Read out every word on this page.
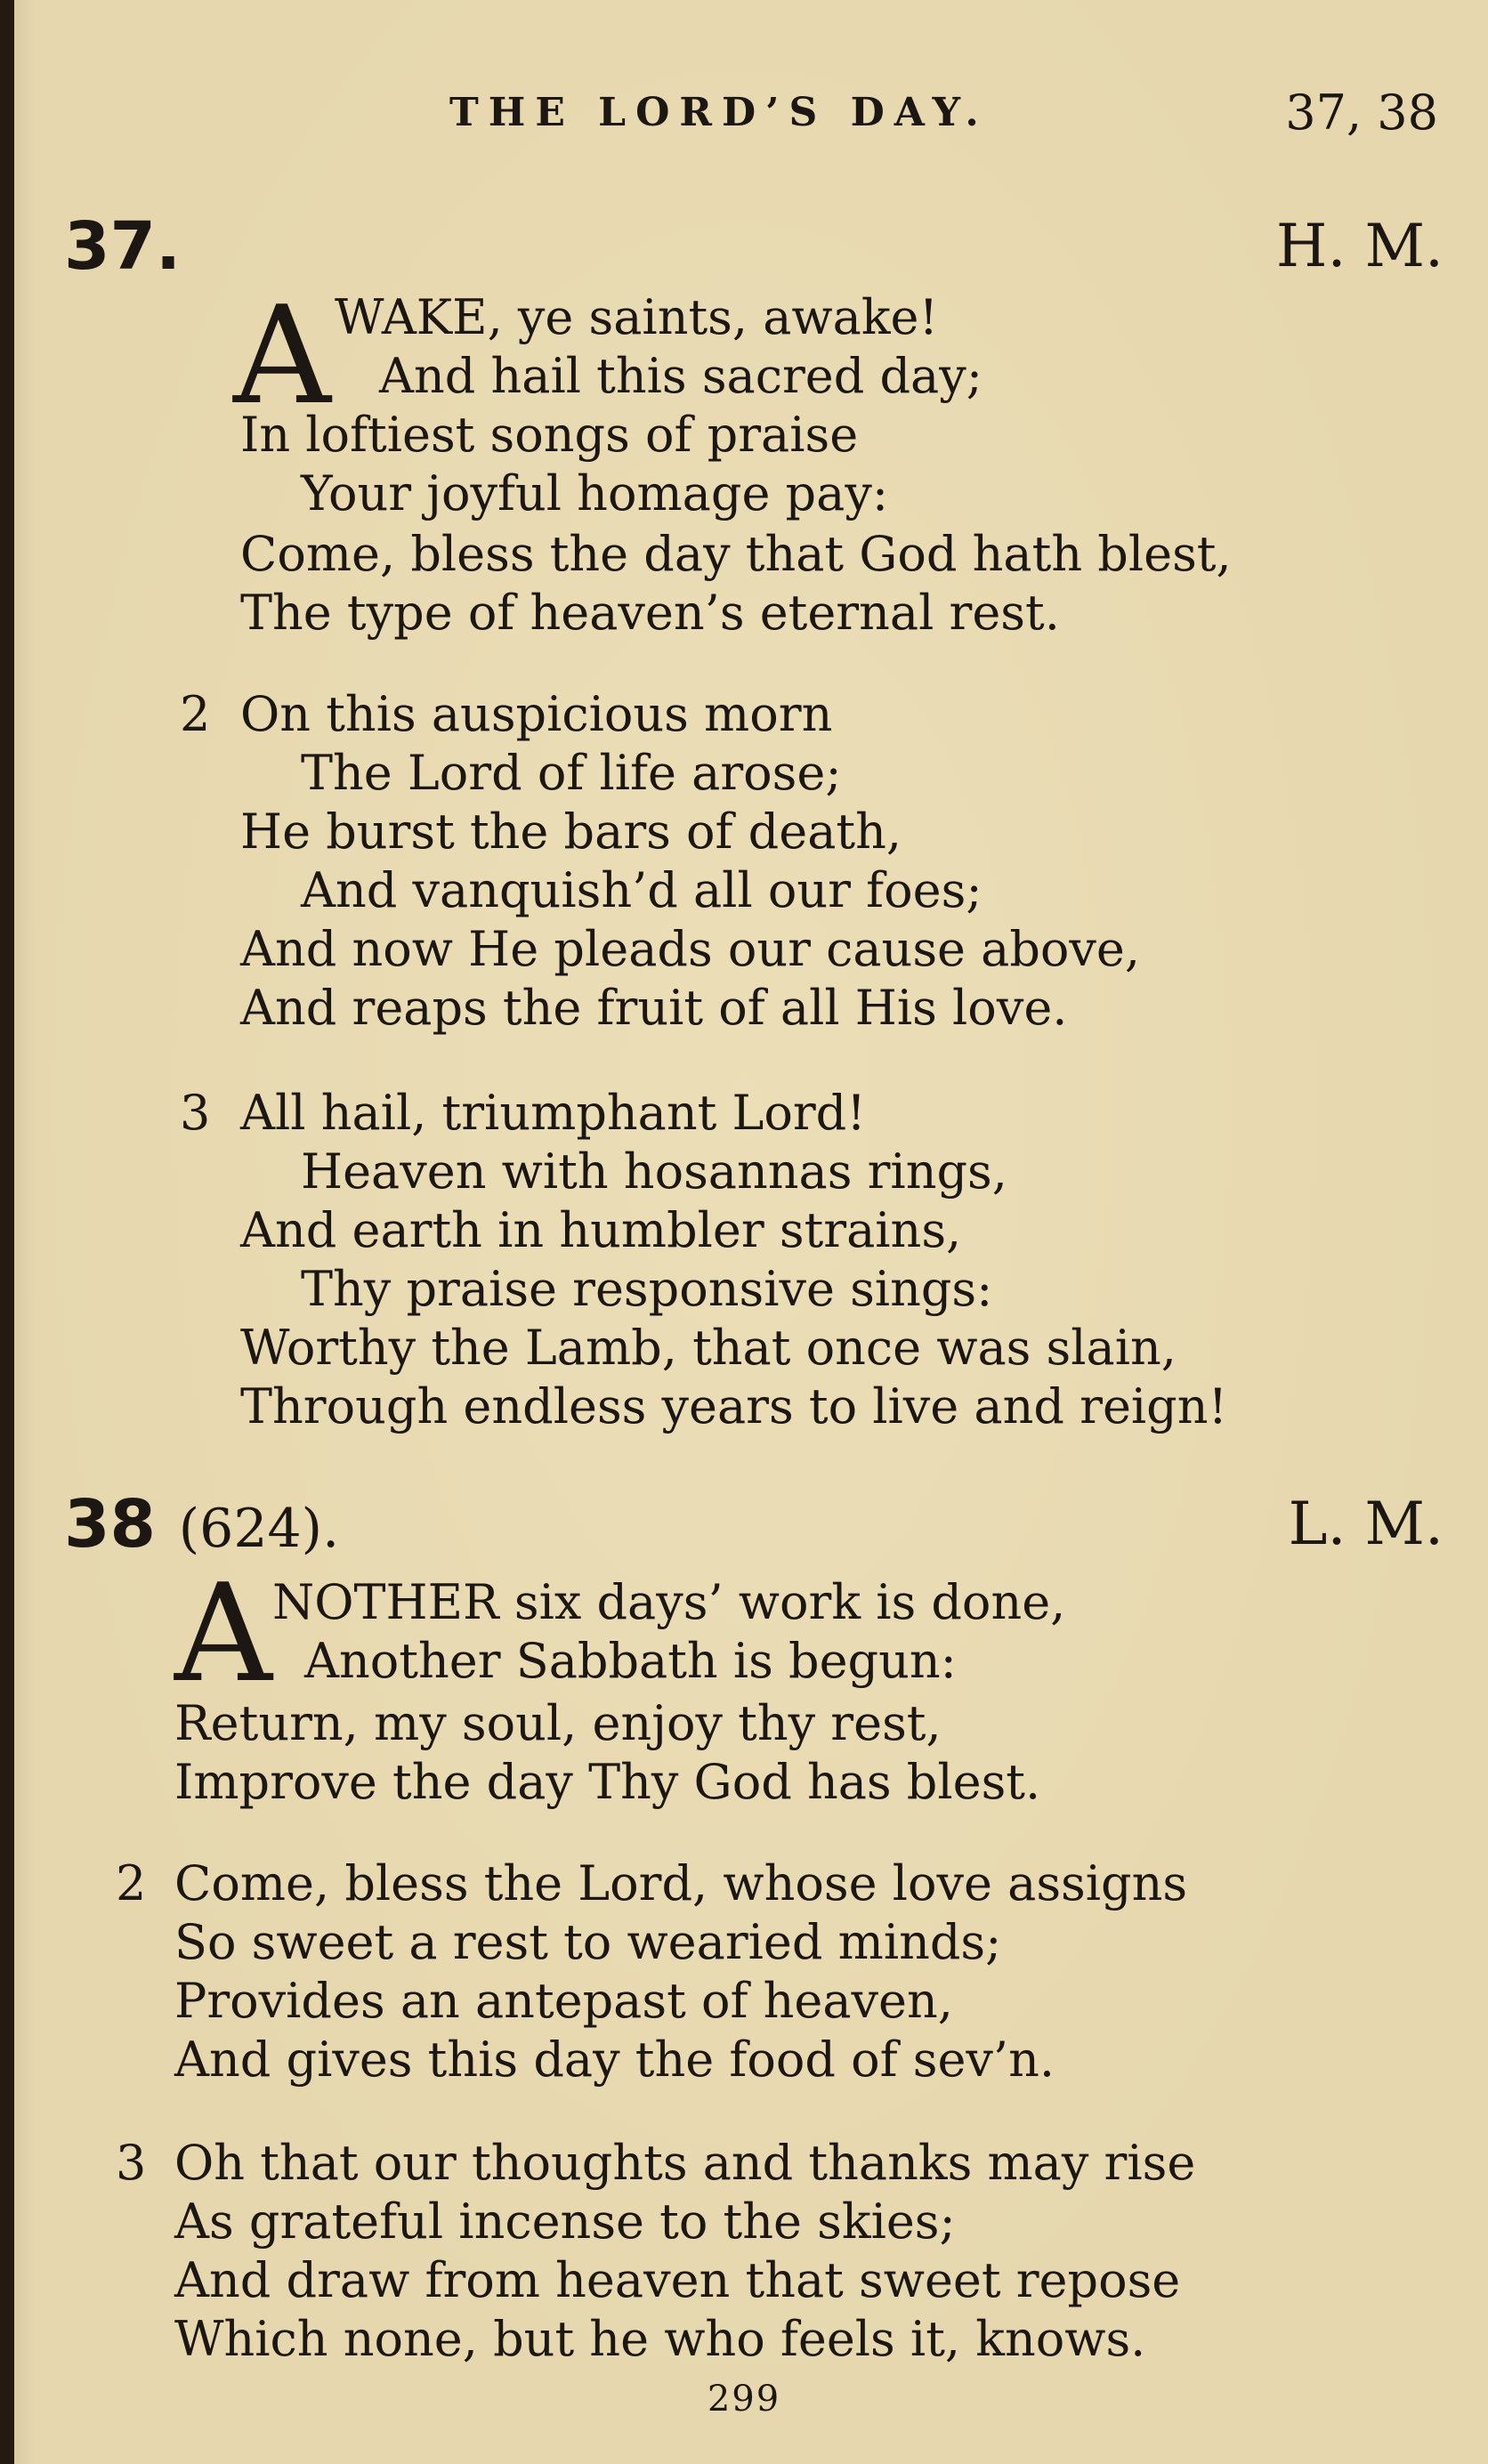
THE LORD’S DAY.	37, 38
37.	H. M.
A WAKE, ye saints, awake!
And hail this sacred day;
In loftiest songs of praise
Your joyful homage pay:
Come, bless the day that God hath blest,
The type of heaven’s eternal rest.
2 On this auspicious morn
The Lord of life arose;
He burst the bars of death,
And vanquish’d all our foes;
And now He pleads our cause above,
And reaps the fruit of all His love.
3 All hail, triumphant Lord!
Heaven with hosannas rings,
And earth in humbler strains,
Thy praise responsive sings:
Worthy the Lamb, that once was slain,
Through endless years to live and reign!
38 (624).	L. M.
A NOTHER six days’ work is done,
Another Sabbath is begun:
Return, my soul, enjoy thy rest,
Improve the day Thy God has blest.
2 Come, bless the Lord, whose love assigns
So sweet a rest to wearied minds;
Provides an antepast of heaven,
And gives this day the food of sev’n.
3 Oh that our thoughts and thanks may rise
As grateful incense to the skies;
And draw from heaven that sweet repose
Which none, but he who feels it, knows.
299
